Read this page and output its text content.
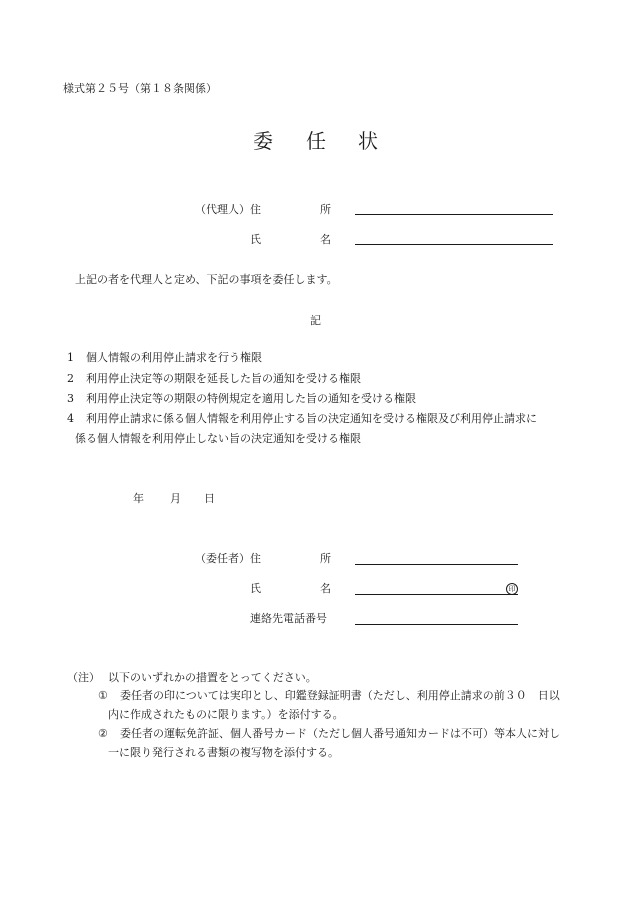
様式第２５号（第１８条関係）
委 任 状
（代理人） 住	所
氏	名
上記の者を代理人と定め、下記の事項を委任します。
記
1 個人情報の利用停止請求を行う権限
2 利用停止決定等の期限を延長した旨の通知を受ける権限
3 利用停止決定等の期限の特例規定を適用した旨の通知を受ける権限
4 利用停止請求に係る個人情報を利用停止する旨の決定通知を受ける権限及び利用停止請求に
係る個人情報を利用停止しない旨の決定通知を受ける権限
年 月 日
（委任者） 住	所
氏	名	印
連絡先電話番号
（注） 以下のいずれかの措置をとってください。
① 委任者の印については実印とし、印鑑登録証明書（ただし、利用停止請求の前３０　日以
内に作成されたものに限ります。）を添付する。
② 委任者の運転免許証、個人番号カード（ただし個人番号通知カードは不可）等本人に対し
一に限り発行される書類の複写物を添付する。
